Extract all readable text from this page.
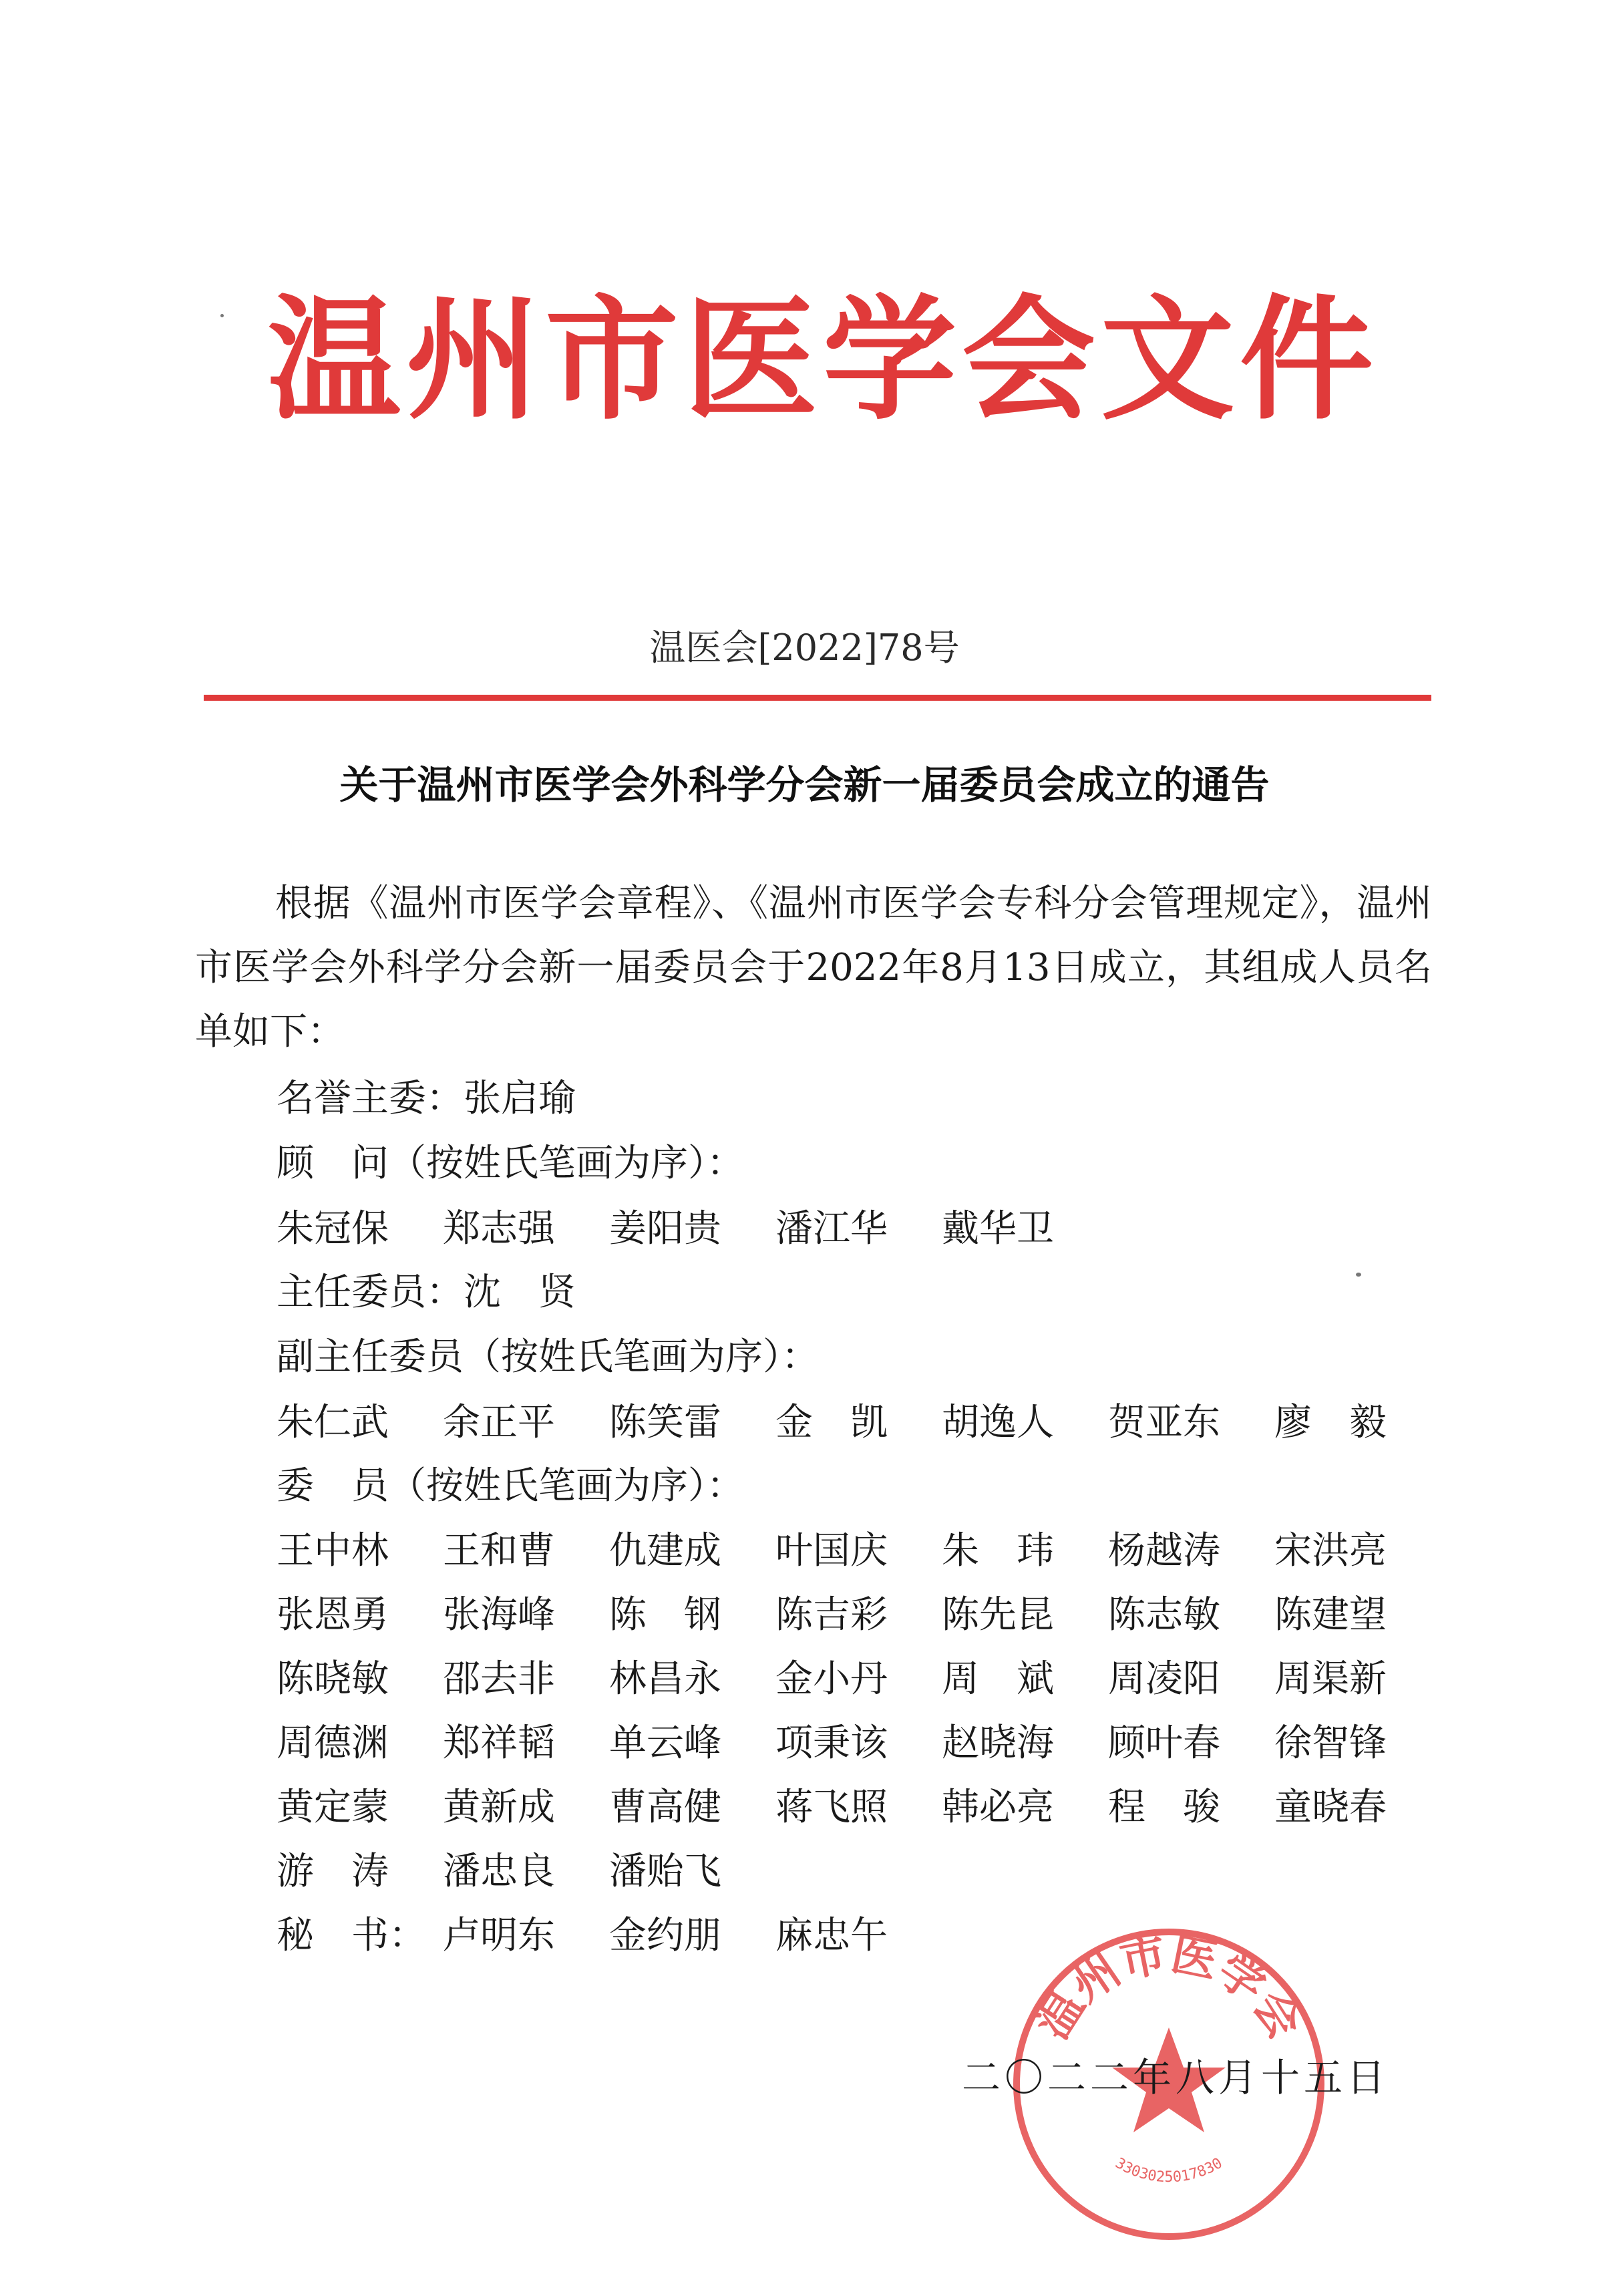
温州市医学会文件
温医会[2022]78号
关于温州市医学会外科学分会新一届委员会成立的通告
根据《温州市医学会章程》、《温州市医学会专科分会管理规定》，温州市医学会外科学分会新一届委员会于2022年8月13日成立，其组成人员名单如下：
名誉主委：张启瑜
顾　问（按姓氏笔画为序）：
朱冠保	郑志强	姜阳贵	潘江华	戴华卫
主任委员：沈　贤
副主任委员（按姓氏笔画为序）：
朱仁武	余正平	陈笑雷	金　凯	胡逸人	贺亚东	廖　毅
委　员（按姓氏笔画为序）：
王中林	王和曹	仇建成	叶国庆	朱　玮	杨越涛	宋洪亮
张恩勇	张海峰	陈　钢	陈吉彩	陈先昆	陈志敏	陈建望
陈晓敏	邵去非	林昌永	金小丹	周　斌	周凌阳	周渠新
周德渊	郑祥韬	单云峰	项秉该	赵晓海	顾叶春	徐智锋
黄定蒙	黄新成	曹高健	蒋飞照	韩必亮	程　骏	童晓春
游　涛	潘忠良	潘贻飞
秘　书： 卢明东	金约朋	麻忠午
温州市医学会
3303025017830
二〇二二年八月十五日
